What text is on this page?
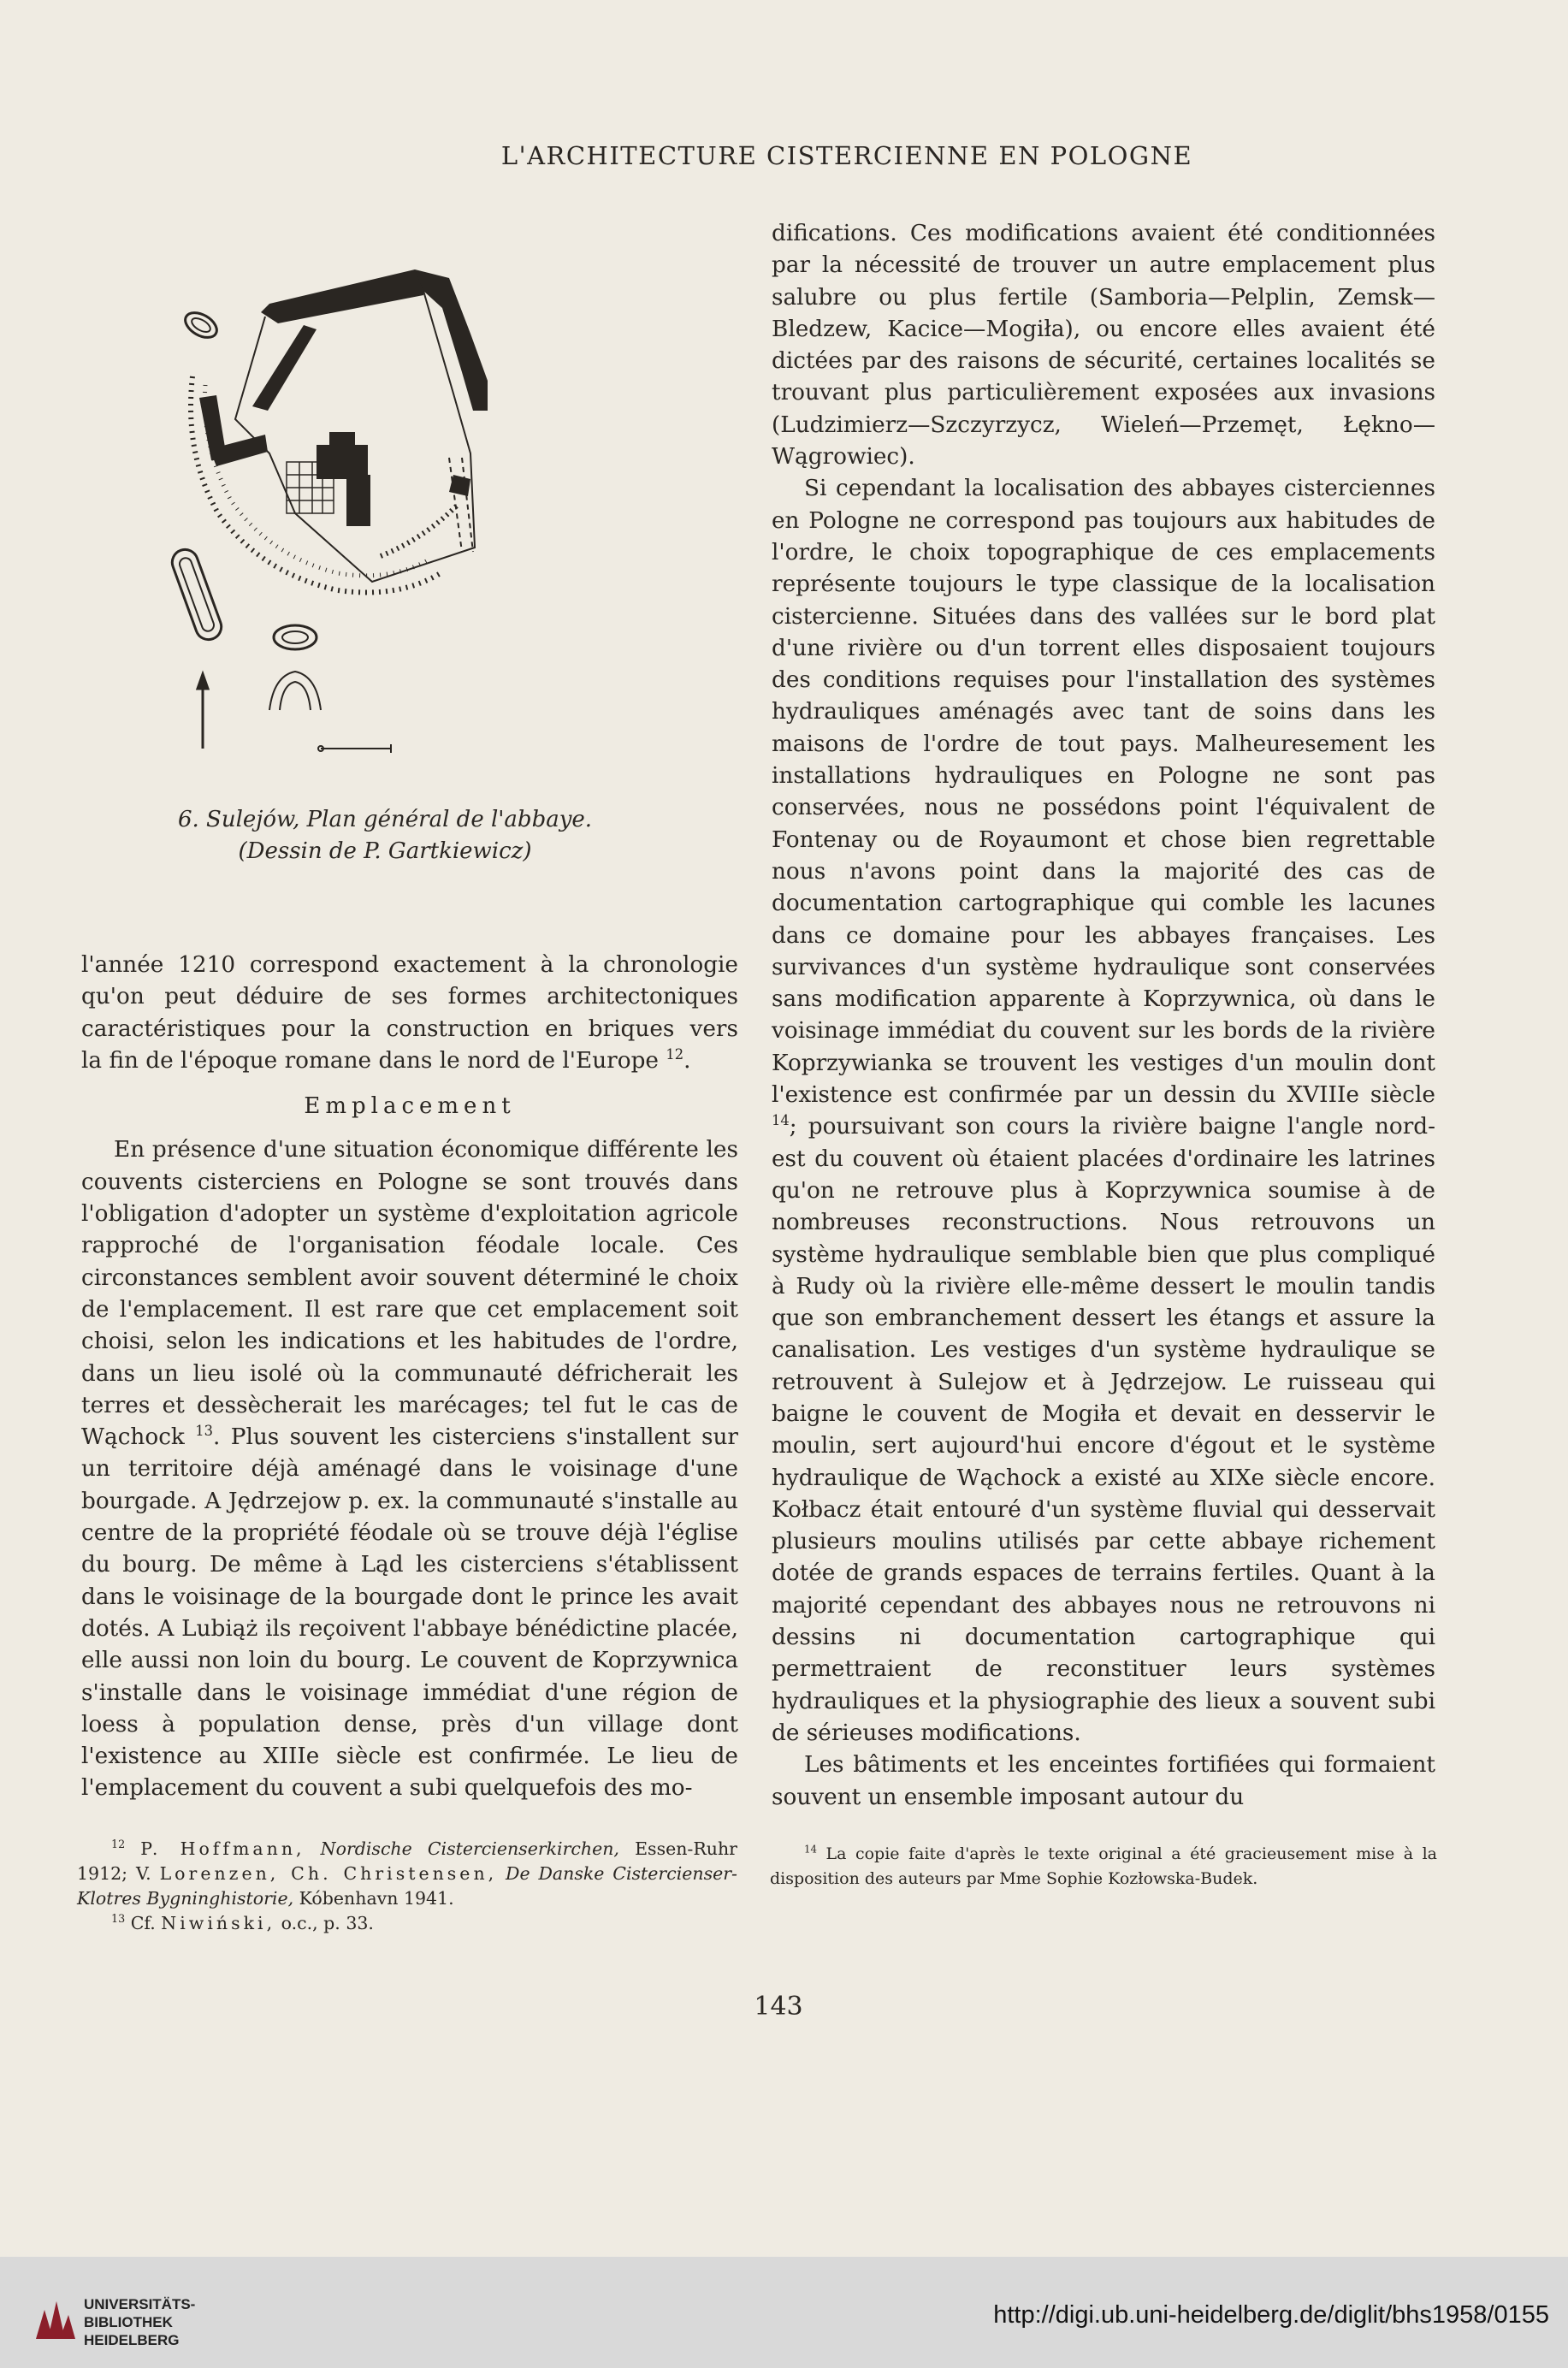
L'ARCHITECTURE CISTERCIENNE EN POLOGNE
6. Sulejów, Plan général de l'abbaye.
(Dessin de P. Gartkiewicz)

l'année 1210 correspond exactement à la chronologie

qu'on peut déduire de ses formes architectoniques

caractéristiques pour la construction en briques vers

la fin de l'époque romane dans le nord de l'Europe $^{12}$.

Emplacement

En présence d'une situation économique différente les couvents cisterciens en Pologne se sont trouvés dans l'obligation d'adopter un système d'exploitation agricole rapproché de l'organisation féodale locale. Ces circonstances semblent avoir souvent déterminé le choix de l'emplacement. Il est rare que cet emplacement soit choisi, selon les indications et les habitudes de l'ordre, dans un lieu isolé où la communauté défricherait les terres et dessècherait les marécages; tel fut le cas de Wąchock $^{13}$. Plus souvent les cisterciens s'installent sur un territoire déjà aménagé dans le voisinage d'une bourgade. A Jędrzejow p. ex. la communauté s'installe au centre de la propriété féodale où se trouve déjà l'église du bourg. De même à Ląd les cisterciens s'établissent dans le voisinage de la bourgade dont le prince les avait dotés. A Lubiąż ils reçoivent l'abbaye bénédictine placée, elle aussi non loin du bourg. Le couvent de Koprzywnica s'installe dans le voisinage immédiat d'une région de loess à population dense, près d'un village dont l'existence au XIIIe siècle est confirmée. Le lieu de l'emplacement du couvent a subi quelquefois des mo-

difications. Ces modifications avaient été conditionnées par la nécessité de trouver un autre emplacement plus salubre ou plus fertile (Samboria—Pelplin, Zemsk—Bledzew, Kacice—Mogiła), ou encore elles avaient été dictées par des raisons de sécurité, certaines localités se trouvant plus particulièrement exposées aux invasions (Ludzimierz—Szczyrzycz, Wieleń—Przemęt, Łękno—Wągrowiec).

Si cependant la localisation des abbayes cisterciennes en Pologne ne correspond pas toujours aux habitudes de l'ordre, le choix topographique de ces emplacements représente toujours le type classique de la localisation cistercienne. Situées dans des vallées sur le bord plat d'une rivière ou d'un torrent elles disposaient toujours des conditions requises pour l'installation des systèmes hydrauliques aménagés avec tant de soins dans les maisons de l'ordre de tout pays. Malheuresement les installations hydrauliques en Pologne ne sont pas conservées, nous ne possédons point l'équivalent de Fontenay ou de Royaumont et chose bien regrettable nous n'avons point dans la majorité des cas de documentation cartographique qui comble les lacunes dans ce domaine pour les abbayes françaises. Les survivances d'un système hydraulique sont conservées sans modification apparente à Koprzywnica, où dans le voisinage immédiat du couvent sur les bords de la rivière Koprzywianka se trouvent les vestiges d'un moulin dont l'existence est confirmée par un dessin du XVIIIe siècle $^{14}$; poursuivant son cours la rivière baigne l'angle nord-est du couvent où étaient placées d'ordinaire les latrines qu'on ne retrouve plus à Koprzywnica soumise à de nombreuses reconstructions. Nous retrouvons un système hydraulique semblable bien que plus compliqué à Rudy où la rivière elle-même dessert le moulin tandis que son embranchement dessert les étangs et assure la canalisation. Les vestiges d'un système hydraulique se retrouvent à Sulejow et à Jędrzejow. Le ruisseau qui baigne le couvent de Mogiła et devait en desservir le moulin, sert aujourd'hui encore d'égout et le système hydraulique de Wąchock a existé au XIXe siècle encore. Kołbacz était entouré d'un système fluvial qui desservait plusieurs moulins utilisés par cette abbaye richement dotée de grands espaces de terrains fertiles. Quant à la majorité cependant des abbayes nous ne retrouvons ni dessins ni documentation cartographique qui permettraient de reconstituer leurs systèmes hydrauliques et la physiographie des lieux a souvent subi de sérieuses modifications.

Les bâtiments et les enceintes fortifiées qui formaient souvent un ensemble imposant autour du

$^{12}$ P. Hoffmann, Nordische Cistercienserkirchen, Essen-Ruhr 1912; V. Lorenzen, Ch. Christensen, De Danske Cistercienser-Klotres Bygninghistorie, Kóbenhavn 1941.
$^{13}$ Cf. Niwiński, o.c., p. 33.
$^{14}$ La copie faite d'après le texte original a été gracieusement mise à la disposition des auteurs par Mme Sophie Kozłowska-Budek.
143
UNIVERSITÄTS-
BIBLIOTHEK
HEIDELBERG
http://digi.ub.uni-heidelberg.de/diglit/bhs1958/0155
